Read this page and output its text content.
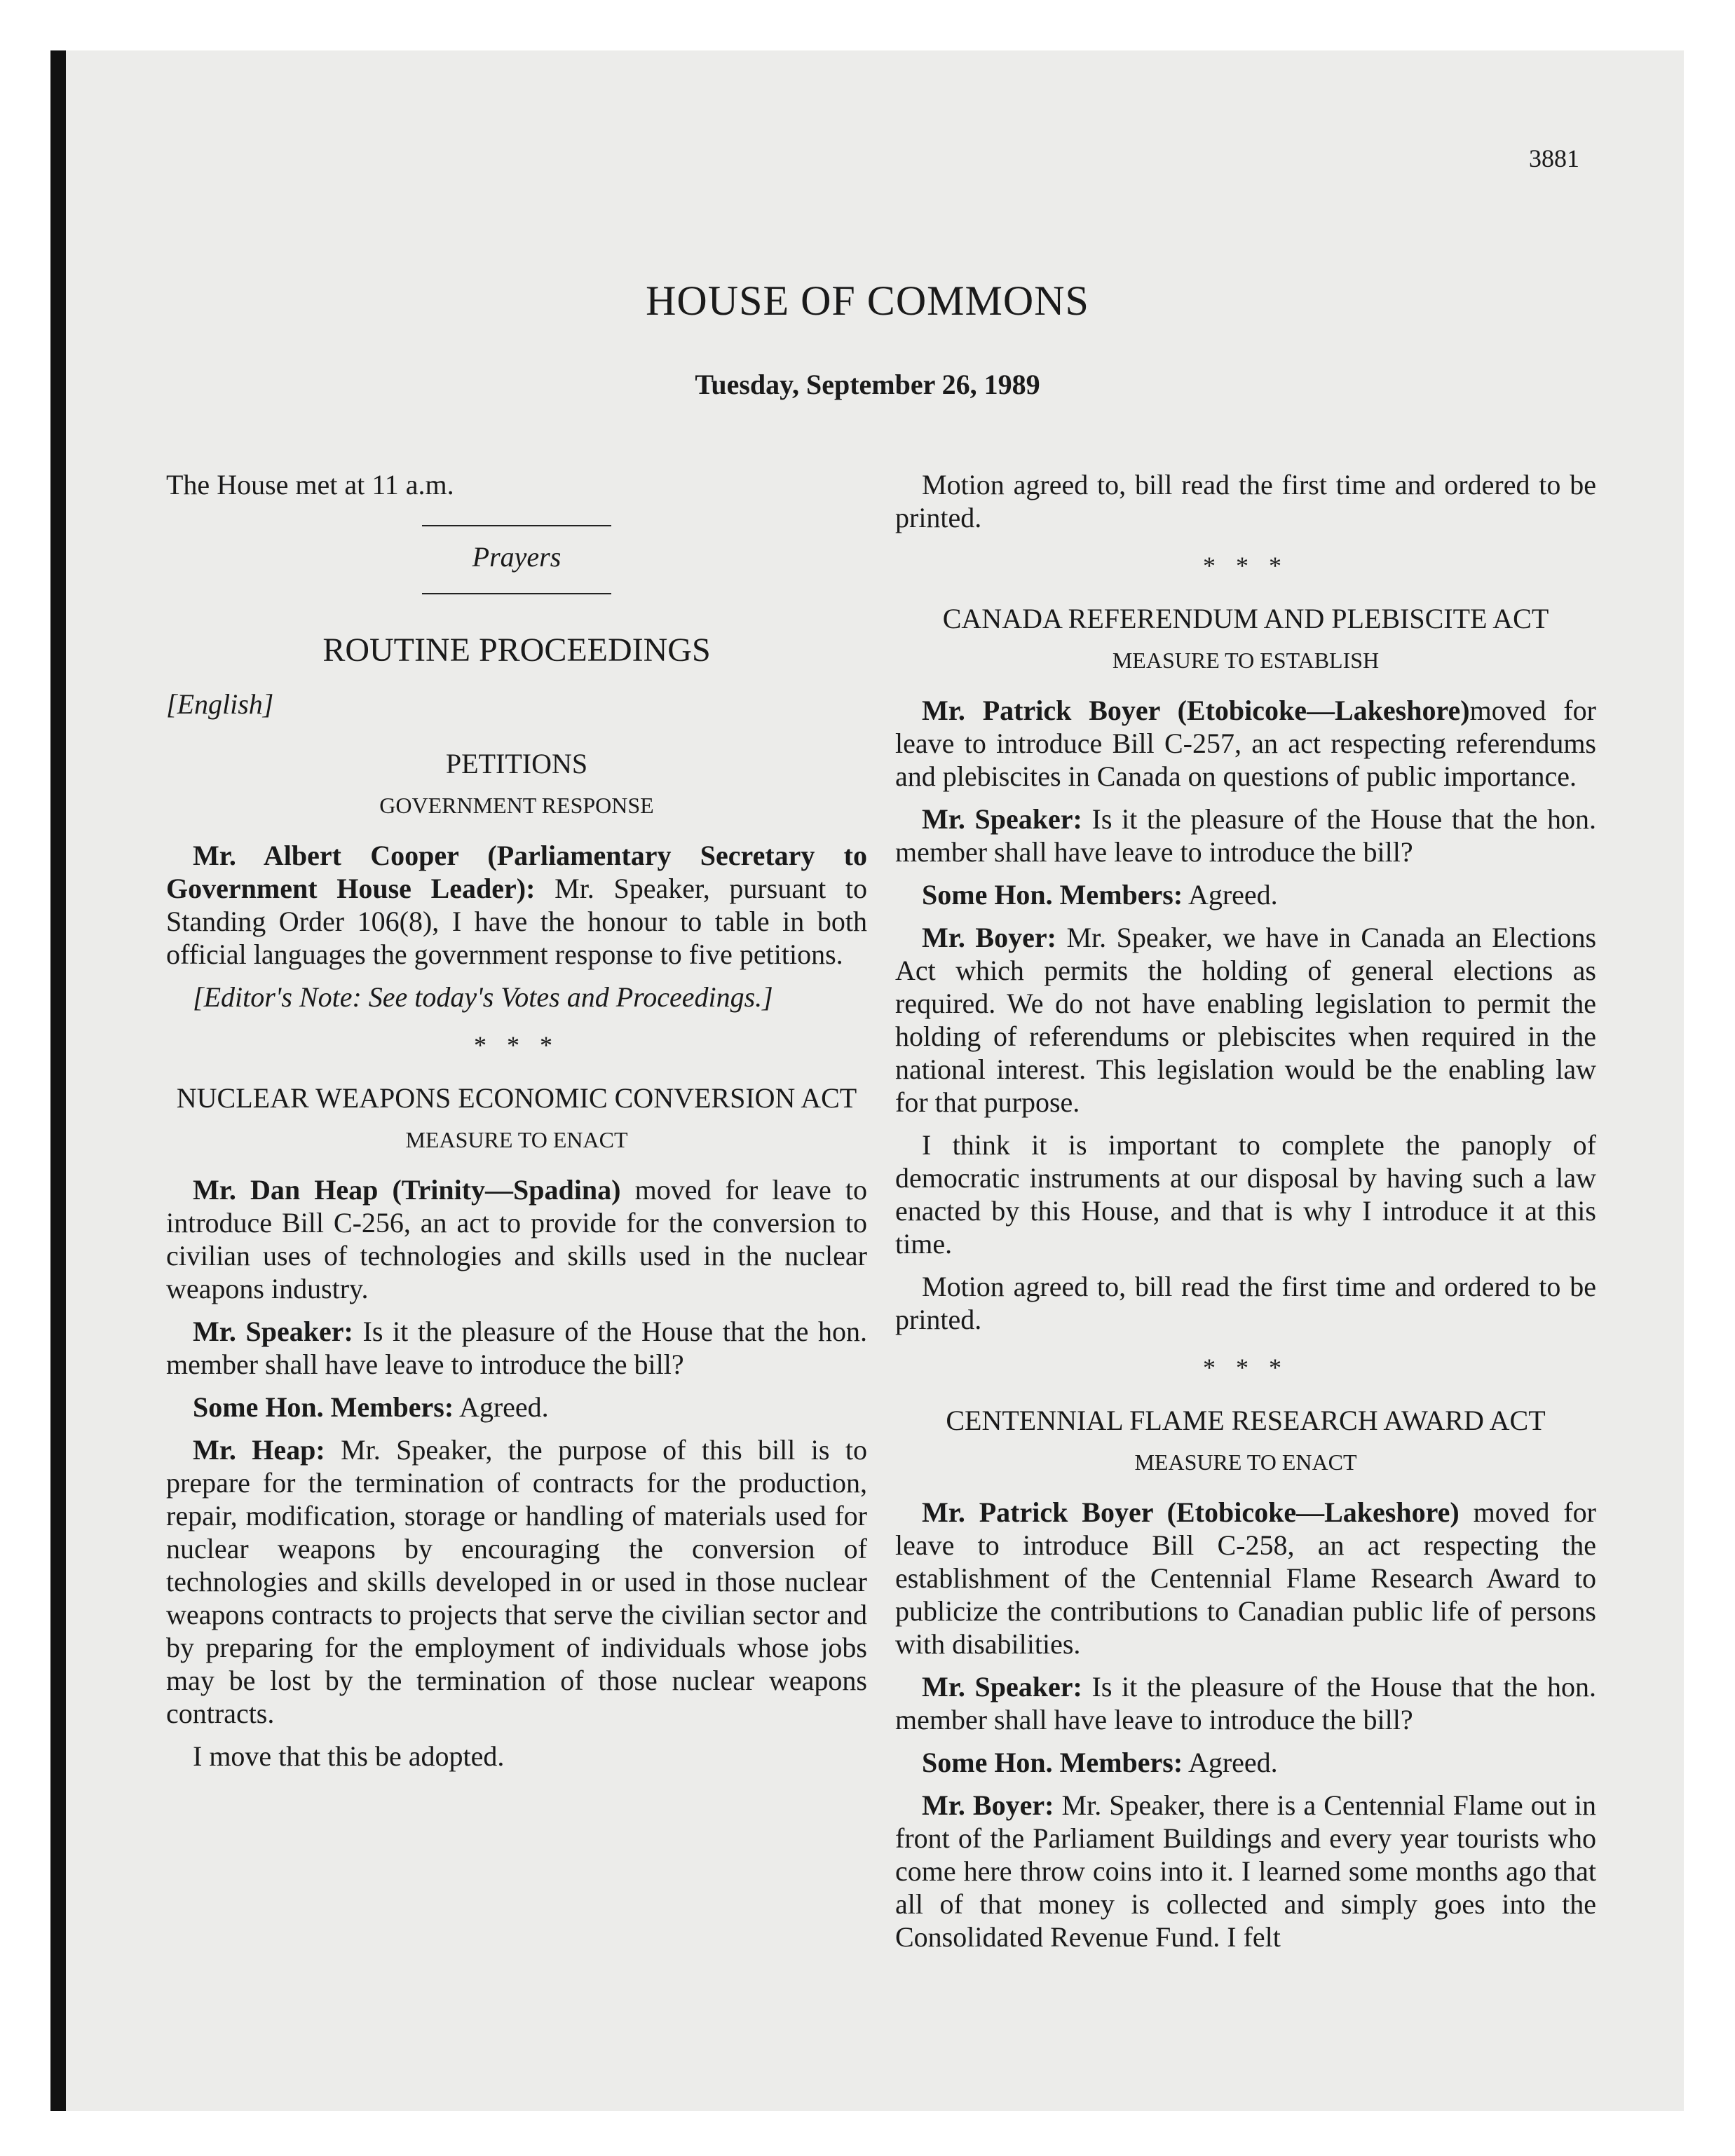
3881
HOUSE OF COMMONS
Tuesday, September 26, 1989

The House met at 11 a.m.

Prayers

ROUTINE PROCEEDINGS

[English]

PETITIONS
GOVERNMENT RESPONSE

Mr. Albert Cooper (Parliamentary Secretary to Government House Leader): Mr. Speaker, pursuant to Standing Order 106(8), I have the honour to table in both official languages the government response to five petitions.

[Editor's Note: See today's Votes and Proceedings.]

* * *
NUCLEAR WEAPONS ECONOMIC CONVERSION ACT
MEASURE TO ENACT

Mr. Dan Heap (Trinity—Spadina) moved for leave to introduce Bill C-256, an act to provide for the conversion to civilian uses of technologies and skills used in the nuclear weapons industry.

Mr. Speaker: Is it the pleasure of the House that the hon. member shall have leave to introduce the bill?

Some Hon. Members: Agreed.

Mr. Heap: Mr. Speaker, the purpose of this bill is to prepare for the termination of contracts for the production, repair, modification, storage or handling of materials used for nuclear weapons by encouraging the conversion of technologies and skills developed in or used in those nuclear weapons contracts to projects that serve the civilian sector and by preparing for the employment of individuals whose jobs may be lost by the termination of those nuclear weapons contracts.

I move that this be adopted.

Motion agreed to, bill read the first time and ordered to be printed.

* * *
CANADA REFERENDUM AND PLEBISCITE ACT
MEASURE TO ESTABLISH

Mr. Patrick Boyer (Etobicoke—Lakeshore)moved for leave to introduce Bill C-257, an act respecting referendums and plebiscites in Canada on questions of public importance.

Mr. Speaker: Is it the pleasure of the House that the hon. member shall have leave to introduce the bill?

Some Hon. Members: Agreed.

Mr. Boyer: Mr. Speaker, we have in Canada an Elections Act which permits the holding of general elections as required. We do not have enabling legislation to permit the holding of referendums or plebiscites when required in the national interest. This legislation would be the enabling law for that purpose.

I think it is important to complete the panoply of democratic instruments at our disposal by having such a law enacted by this House, and that is why I introduce it at this time.

Motion agreed to, bill read the first time and ordered to be printed.

* * *
CENTENNIAL FLAME RESEARCH AWARD ACT
MEASURE TO ENACT

Mr. Patrick Boyer (Etobicoke—Lakeshore) moved for leave to introduce Bill C-258, an act respecting the establishment of the Centennial Flame Research Award to publicize the contributions to Canadian public life of persons with disabilities.

Mr. Speaker: Is it the pleasure of the House that the hon. member shall have leave to introduce the bill?

Some Hon. Members: Agreed.

Mr. Boyer: Mr. Speaker, there is a Centennial Flame out in front of the Parliament Buildings and every year tourists who come here throw coins into it. I learned some months ago that all of that money is collected and simply goes into the Consolidated Revenue Fund. I felt
